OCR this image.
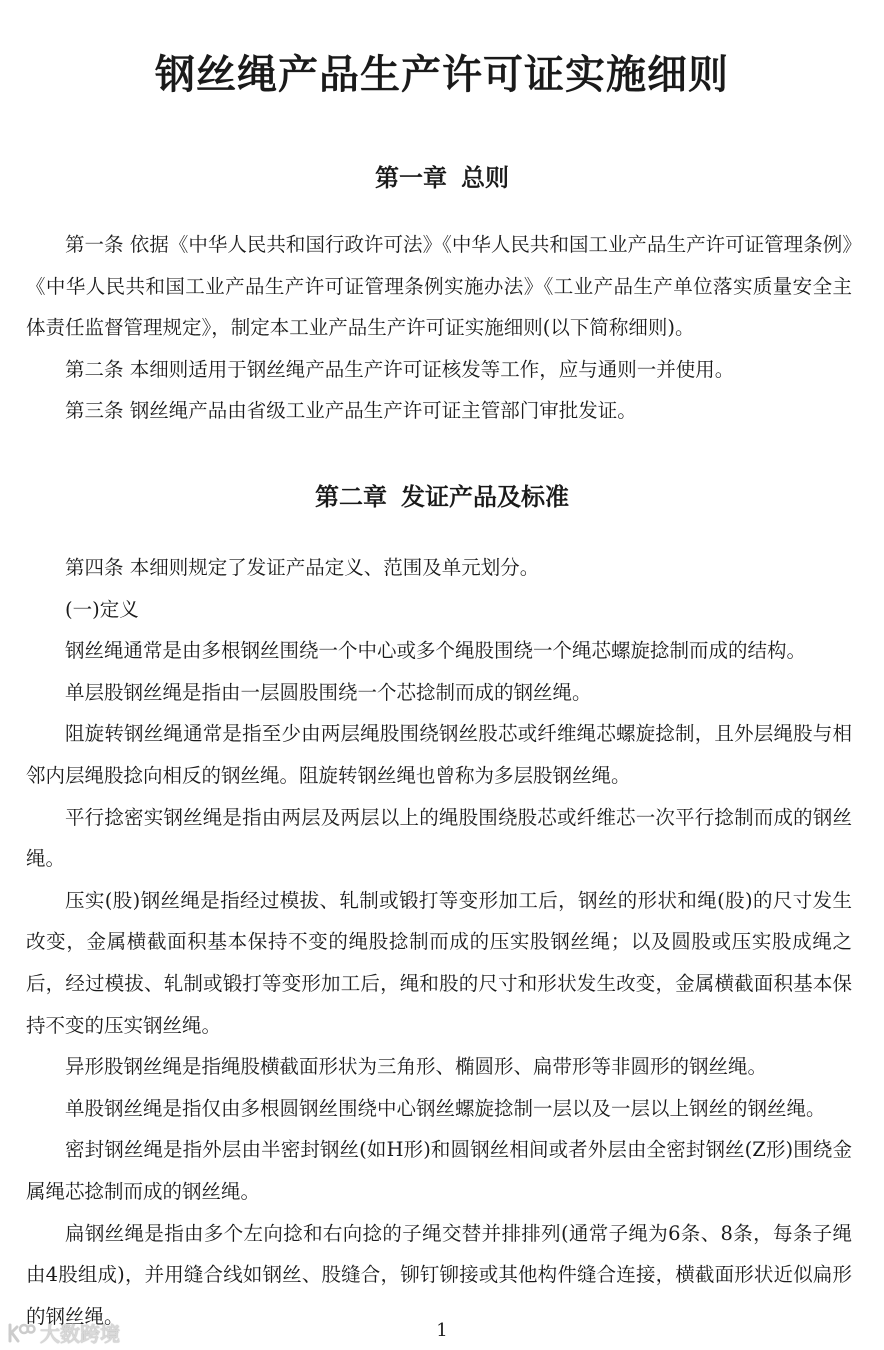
钢丝绳产品生产许可证实施细则
第一章 总则

第一条 依据《中华人民共和国行政许可法》《中华人民共和国工业产品生产许可证管理条例》《中华人民共和国工业产品生产许可证管理条例实施办法》《工业产品生产单位落实质量安全主体责任监督管理规定》，制定本工业产品生产许可证实施细则(以下简称细则)。

第二条 本细则适用于钢丝绳产品生产许可证核发等工作，应与通则一并使用。

第三条 钢丝绳产品由省级工业产品生产许可证主管部门审批发证。

第二章 发证产品及标准

第四条 本细则规定了发证产品定义、范围及单元划分。

(一)定义

钢丝绳通常是由多根钢丝围绕一个中心或多个绳股围绕一个绳芯螺旋捻制而成的结构。

单层股钢丝绳是指由一层圆股围绕一个芯捻制而成的钢丝绳。

阻旋转钢丝绳通常是指至少由两层绳股围绕钢丝股芯或纤维绳芯螺旋捻制，且外层绳股与相邻内层绳股捻向相反的钢丝绳。阻旋转钢丝绳也曾称为多层股钢丝绳。

平行捻密实钢丝绳是指由两层及两层以上的绳股围绕股芯或纤维芯一次平行捻制而成的钢丝绳。

压实(股)钢丝绳是指经过模拔、轧制或锻打等变形加工后，钢丝的形状和绳(股)的尺寸发生改变，金属横截面积基本保持不变的绳股捻制而成的压实股钢丝绳；以及圆股或压实股成绳之后，经过模拔、轧制或锻打等变形加工后，绳和股的尺寸和形状发生改变，金属横截面积基本保持不变的压实钢丝绳。

异形股钢丝绳是指绳股横截面形状为三角形、椭圆形、扁带形等非圆形的钢丝绳。

单股钢丝绳是指仅由多根圆钢丝围绕中心钢丝螺旋捻制一层以及一层以上钢丝的钢丝绳。

密封钢丝绳是指外层由半密封钢丝(如H形)和圆钢丝相间或者外层由全密封钢丝(Z形)围绕金属绳芯捻制而成的钢丝绳。

扁钢丝绳是指由多个左向捻和右向捻的子绳交替并排排列(通常子绳为6条、8条，每条子绳由4股组成)，并用缝合线如钢丝、股缝合，铆钉铆接或其他构件缝合连接，横截面形状近似扁形的钢丝绳。

1
大数跨境
